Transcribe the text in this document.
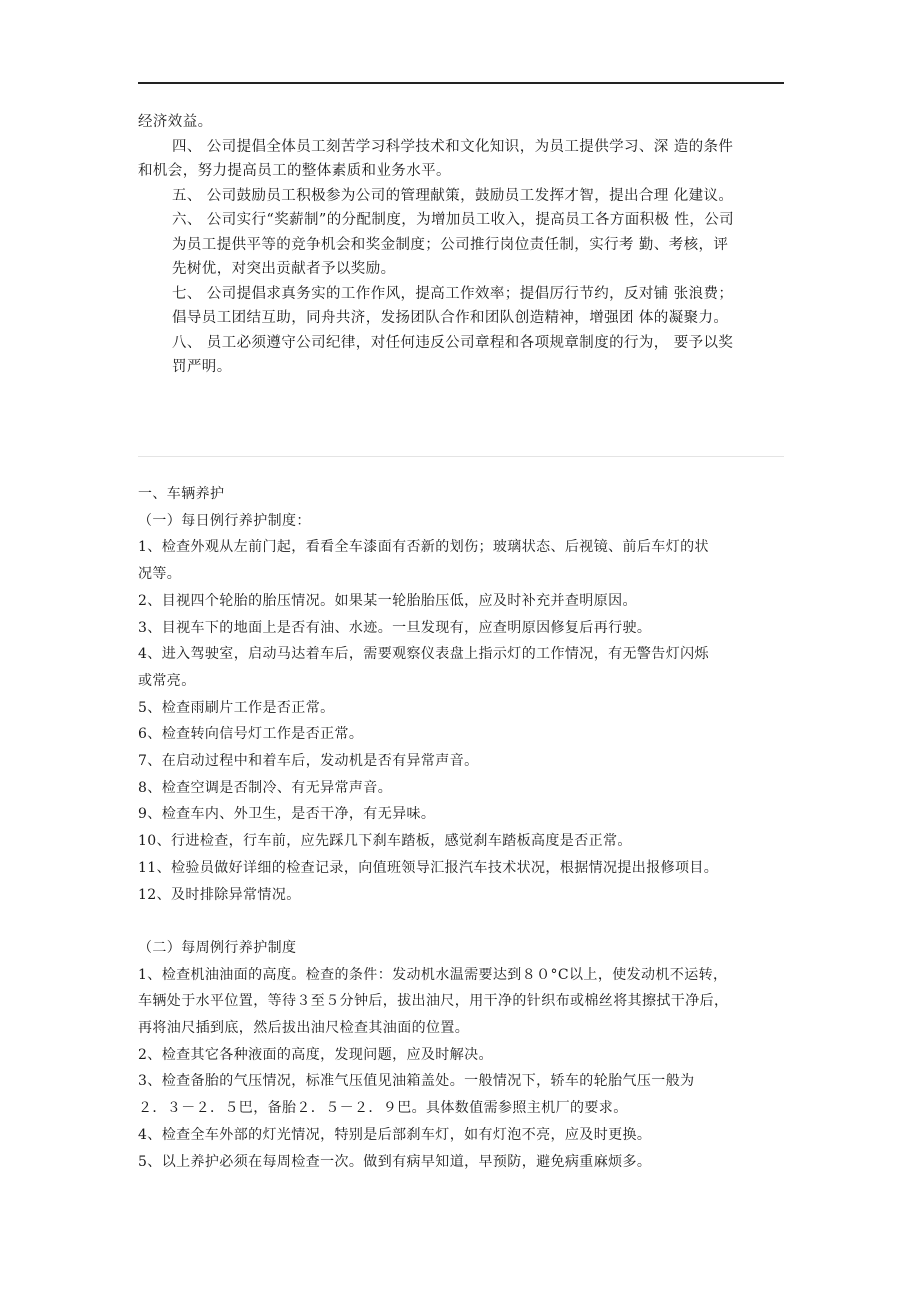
经济效益。
四、 公司提倡全体员工刻苦学习科学技术和文化知识，为员工提供学习、深 造的条件
和机会，努力提高员工的整体素质和业务水平。
五、 公司鼓励员工积极参为公司的管理献策，鼓励员工发挥才智，提出合理 化建议。
六、 公司实行“奖薪制”的分配制度，为增加员工收入，提高员工各方面积极 性，公司
为员工提供平等的竞争机会和奖金制度；公司推行岗位责任制，实行考 勤、考核，评
先树优，对突出贡献者予以奖励。
七、 公司提倡求真务实的工作作风，提高工作效率；提倡厉行节约，反对铺 张浪费；
倡导员工团结互助，同舟共济，发扬团队合作和团队创造精神，增强团 体的凝聚力。
八、 员工必须遵守公司纪律，对任何违反公司章程和各项规章制度的行为， 要予以奖
罚严明。
一、车辆养护
（一）每日例行养护制度：
1、检查外观从左前门起，看看全车漆面有否新的划伤；玻璃状态、后视镜、前后车灯的状
况等。
2、目视四个轮胎的胎压情况。如果某一轮胎胎压低，应及时补充并查明原因。
3、目视车下的地面上是否有油、水迹。一旦发现有，应查明原因修复后再行驶。
4、进入驾驶室，启动马达着车后，需要观察仪表盘上指示灯的工作情况，有无警告灯闪烁
或常亮。
5、检查雨刷片工作是否正常。
6、检查转向信号灯工作是否正常。
7、在启动过程中和着车后，发动机是否有异常声音。
8、检查空调是否制冷、有无异常声音。
9、检查车内、外卫生，是否干净，有无异味。
10、行进检查，行车前，应先踩几下刹车踏板，感觉刹车踏板高度是否正常。
11、检验员做好详细的检查记录，向值班领导汇报汽车技术状况，根据情况提出报修项目。
12、及时排除异常情况。

（二）每周例行养护制度
1、检查机油油面的高度。检查的条件：发动机水温需要达到８０°C以上，使发动机不运转，
车辆处于水平位置，等待３至５分钟后，拔出油尺，用干净的针织布或棉丝将其擦拭干净后，
再将油尺插到底，然后拔出油尺检查其油面的位置。
2、检查其它各种液面的高度，发现问题，应及时解决。
3、检查备胎的气压情况，标准气压值见油箱盖处。一般情况下，轿车的轮胎气压一般为
２．３－２．５巴，备胎２．５－２．９巴。具体数值需参照主机厂的要求。
4、检查全车外部的灯光情况，特别是后部刹车灯，如有灯泡不亮，应及时更换。
5、以上养护必须在每周检查一次。做到有病早知道，早预防，避免病重麻烦多。
